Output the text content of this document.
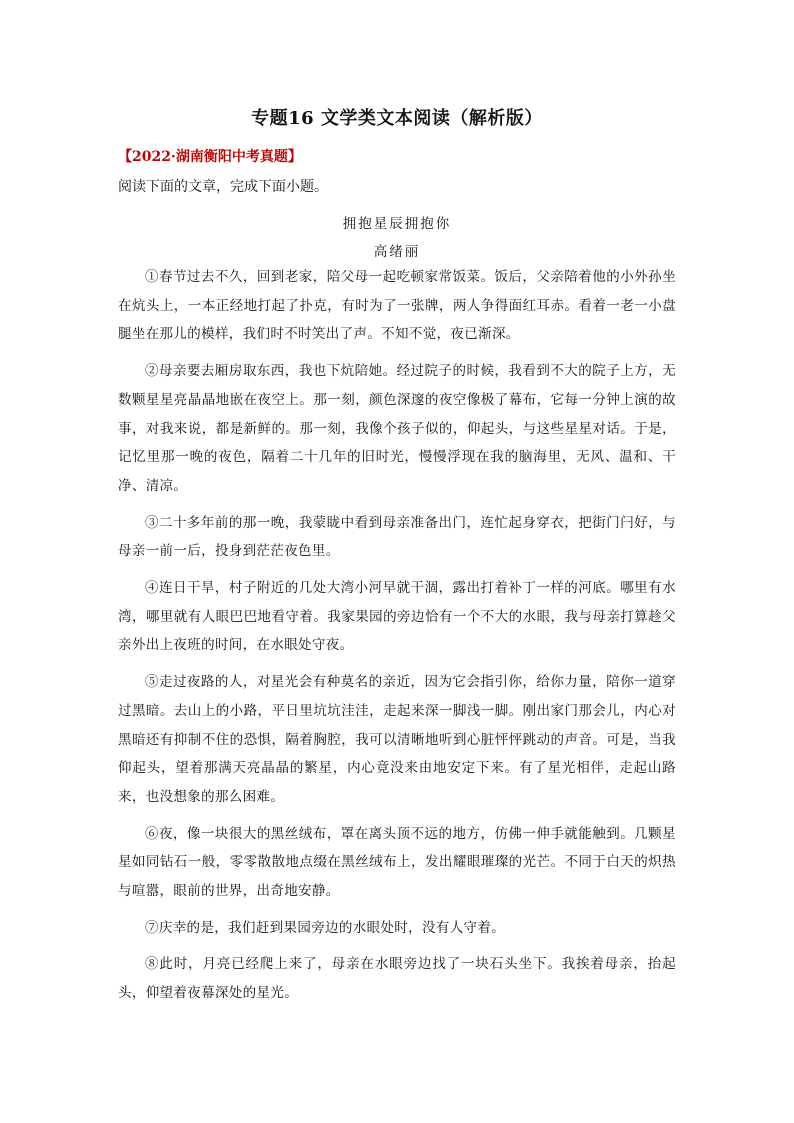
专题16 文学类文本阅读（解析版）
【2022·湖南衡阳中考真题】
阅读下面的文章，完成下面小题。
拥抱星辰拥抱你
高绪丽

①春节过去不久，回到老家，陪父母一起吃顿家常饭菜。饭后，父亲陪着他的小外孙坐在炕头上，一本正经地打起了扑克，有时为了一张牌，两人争得面红耳赤。看着一老一小盘腿坐在那儿的模样，我们时不时笑出了声。不知不觉，夜已渐深。

②母亲要去厢房取东西，我也下炕陪她。经过院子的时候，我看到不大的院子上方，无数颗星星亮晶晶地嵌在夜空上。那一刻，颜色深邃的夜空像极了幕布，它每一分钟上演的故事，对我来说，都是新鲜的。那一刻，我像个孩子似的，仰起头，与这些星星对话。于是，记忆里那一晚的夜色，隔着二十几年的旧时光，慢慢浮现在我的脑海里，无风、温和、干净、清凉。

③二十多年前的那一晚，我蒙眬中看到母亲准备出门，连忙起身穿衣，把街门闩好，与母亲一前一后，投身到茫茫夜色里。

④连日干旱，村子附近的几处大湾小河早就干涸，露出打着补丁一样的河底。哪里有水湾，哪里就有人眼巴巴地看守着。我家果园的旁边恰有一个不大的水眼，我与母亲打算趁父亲外出上夜班的时间，在水眼处守夜。

⑤走过夜路的人，对星光会有种莫名的亲近，因为它会指引你，给你力量，陪你一道穿过黑暗。去山上的小路，平日里坑坑洼洼，走起来深一脚浅一脚。刚出家门那会儿，内心对黑暗还有抑制不住的恐惧，隔着胸腔，我可以清晰地听到心脏怦怦跳动的声音。可是，当我仰起头，望着那满天亮晶晶的繁星，内心竟没来由地安定下来。有了星光相伴，走起山路来，也没想象的那么困难。

⑥夜，像一块很大的黑丝绒布，罩在离头顶不远的地方，仿佛一伸手就能触到。几颗星星如同钻石一般，零零散散地点缀在黑丝绒布上，发出耀眼璀璨的光芒。不同于白天的炽热与喧嚣，眼前的世界，出奇地安静。

⑦庆幸的是，我们赶到果园旁边的水眼处时，没有人守着。

⑧此时，月亮已经爬上来了，母亲在水眼旁边找了一块石头坐下。我挨着母亲，抬起头，仰望着夜幕深处的星光。
